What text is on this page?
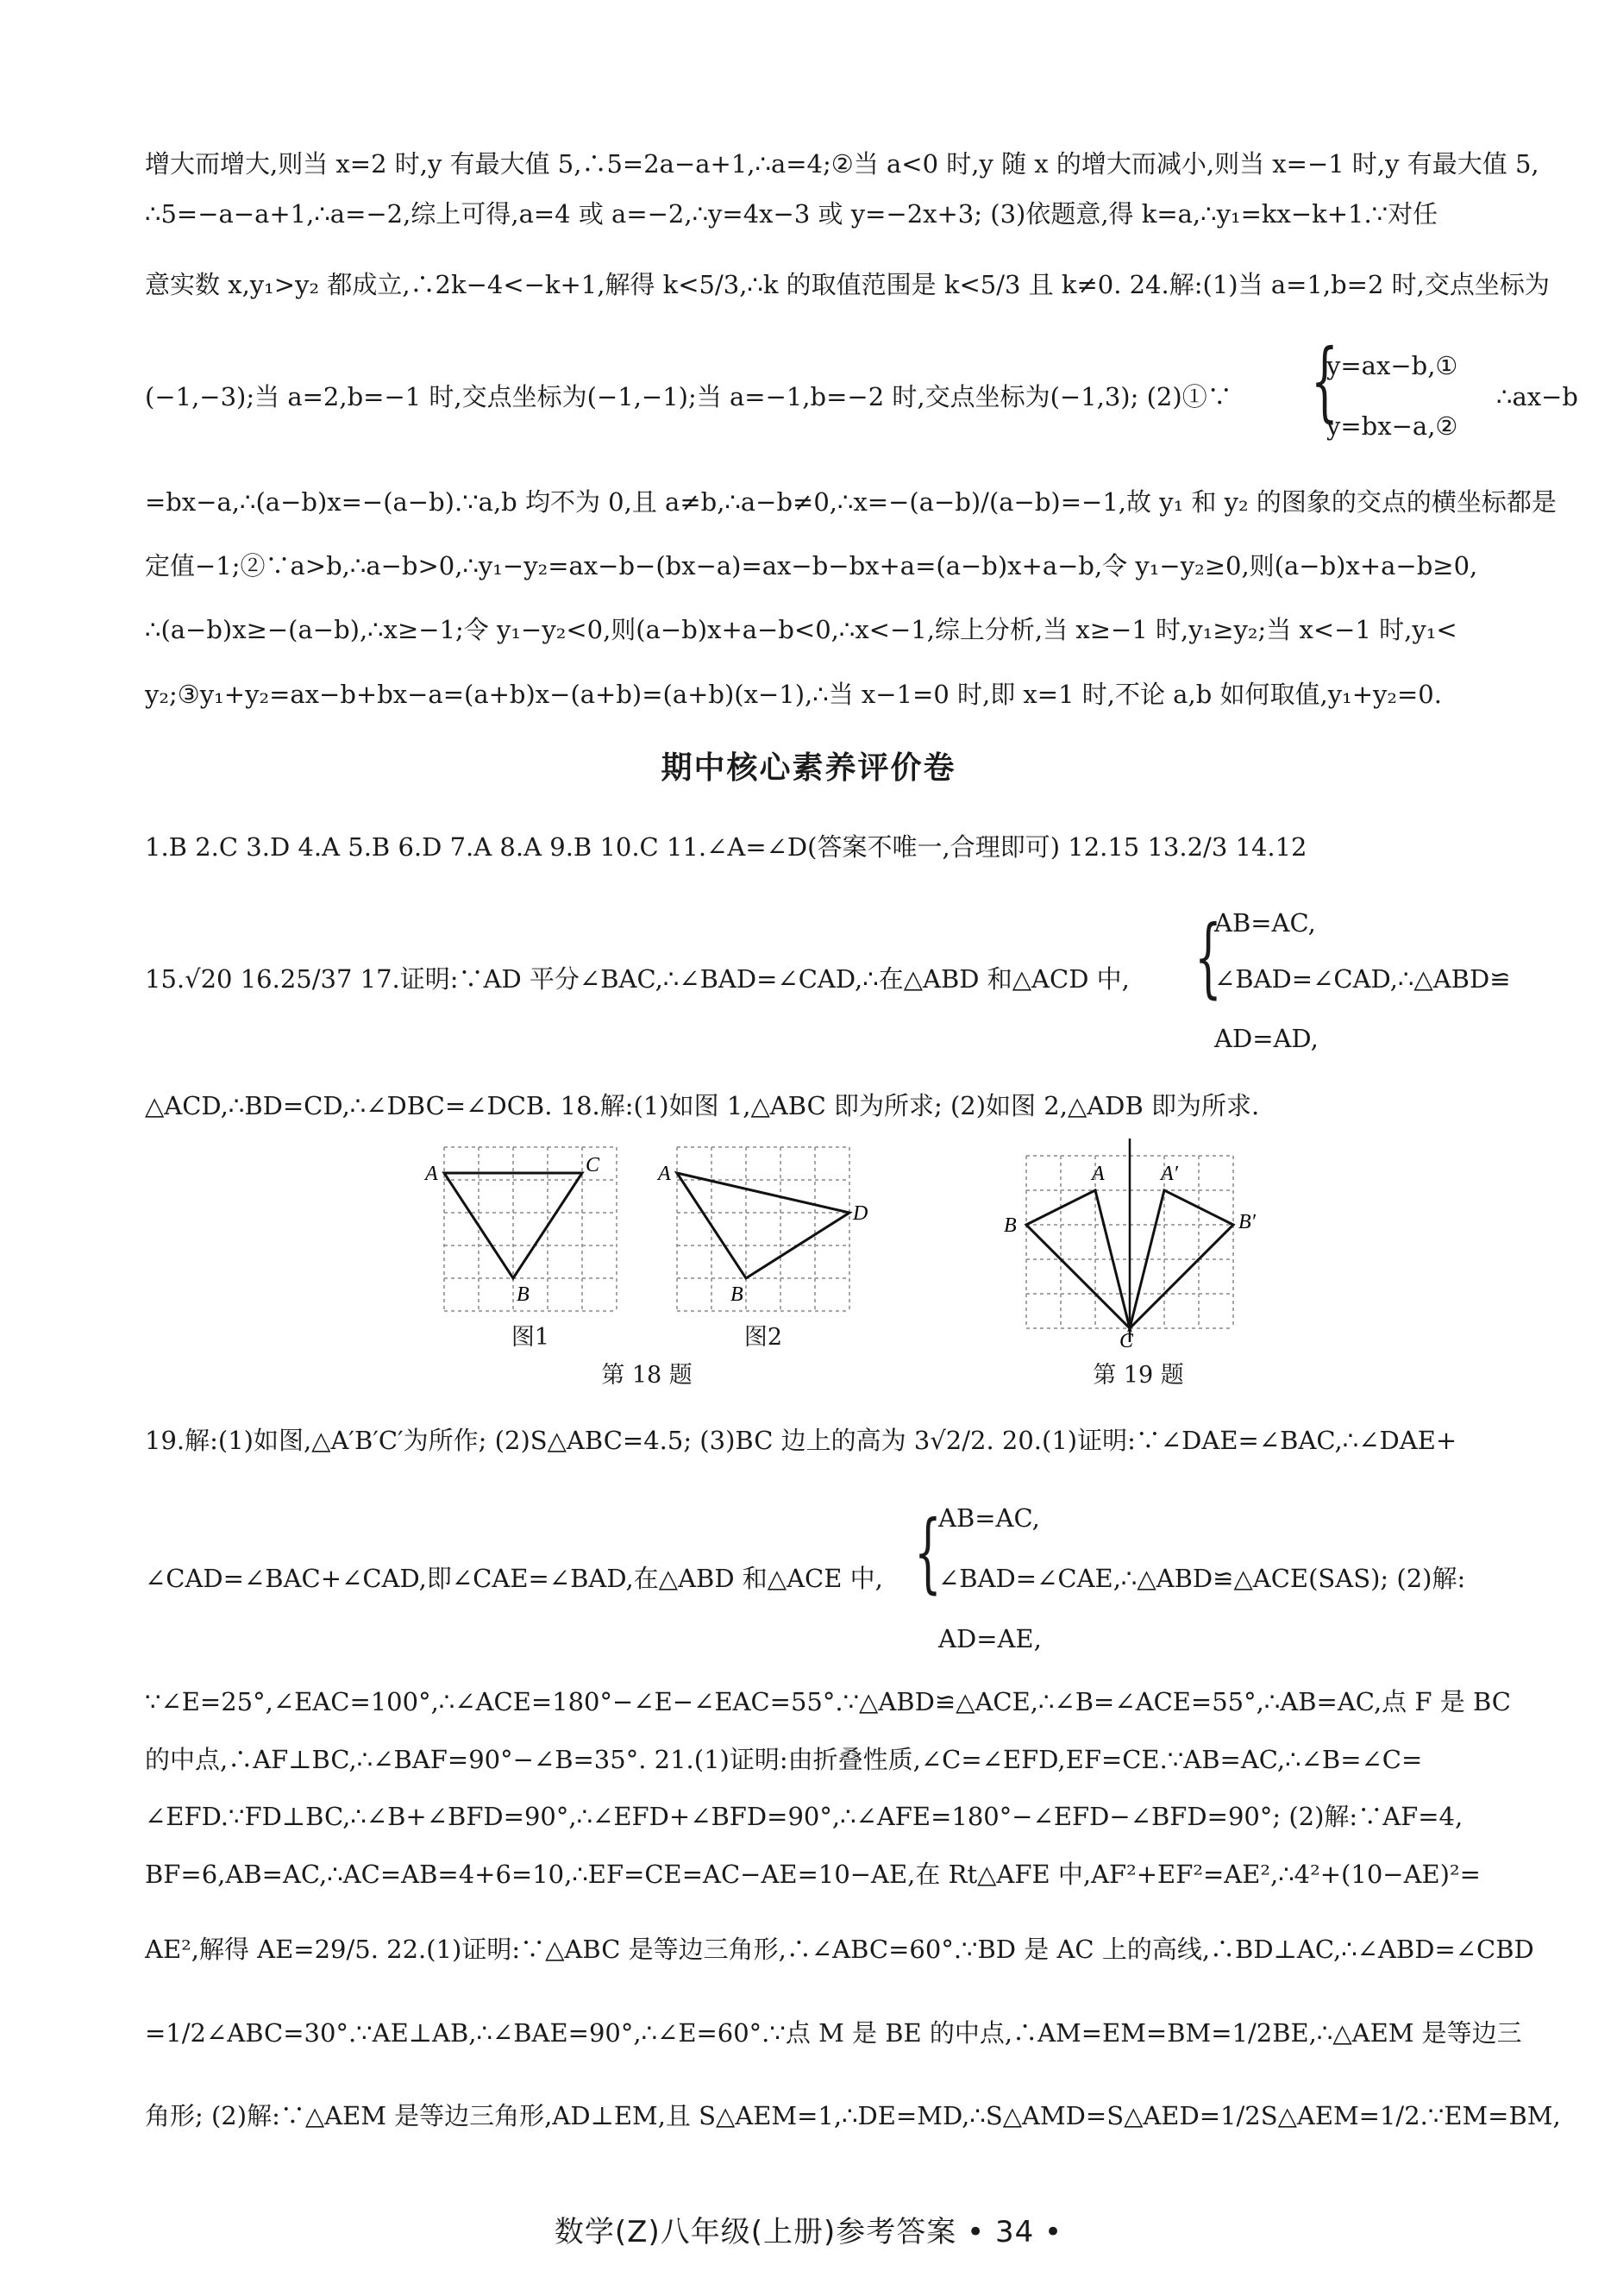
增大而增大,则当 x=2 时,y 有最大值 5,∴5=2a−a+1,∴a=4;②当 a<0 时,y 随 x 的增大而减小,则当 x=−1 时,y 有最大值 5,
∴5=−a−a+1,∴a=−2,综上可得,a=4 或 a=−2,∴y=4x−3 或 y=−2x+3; (3)依题意,得 k=a,∴y₁=kx−k+1.∵对任
意实数 x,y₁>y₂ 都成立,∴2k−4<−k+1,解得 k<5/3,∴k 的取值范围是 k<5/3 且 k≠0. 24.解:(1)当 a=1,b=2 时,交点坐标为
(−1,−3);当 a=2,b=−1 时,交点坐标为(−1,−1);当 a=−1,b=−2 时,交点坐标为(−1,3); (2)①∵ {
y=ax−b,①
y=bx−a,②
∴ax−b
=bx−a,∴(a−b)x=−(a−b).∵a,b 均不为 0,且 a≠b,∴a−b≠0,∴x=−(a−b)/(a−b)=−1,故 y₁ 和 y₂ 的图象的交点的横坐标都是
定值−1;②∵a>b,∴a−b>0,∴y₁−y₂=ax−b−(bx−a)=ax−b−bx+a=(a−b)x+a−b,令 y₁−y₂≥0,则(a−b)x+a−b≥0,
∴(a−b)x≥−(a−b),∴x≥−1;令 y₁−y₂<0,则(a−b)x+a−b<0,∴x<−1,综上分析,当 x≥−1 时,y₁≥y₂;当 x<−1 时,y₁<
y₂;③y₁+y₂=ax−b+bx−a=(a+b)x−(a+b)=(a+b)(x−1),∴当 x−1=0 时,即 x=1 时,不论 a,b 如何取值,y₁+y₂=0.
期中核心素养评价卷
1.B 2.C 3.D 4.A 5.B 6.D 7.A 8.A 9.B 10.C 11.∠A=∠D(答案不唯一,合理即可) 12.15 13.2/3 14.12
15.√20 16.25/37 17.证明:∵AD 平分∠BAC,∴∠BAD=∠CAD,∴在△ABD 和△ACD 中, {
AB=AC,
∠BAD=∠CAD,∴△ABD≌
AD=AD,
△ACD,∴BD=CD,∴∠DBC=∠DCB. 18.解:(1)如图 1,△ABC 即为所求; (2)如图 2,△ADB 即为所求.
A	C
B
图1
A
D
B
图2
第 18 题
B
A	A′
B′
C
第 19 题
19.解:(1)如图,△A′B′C′为所作; (2)S△ABC=4.5; (3)BC 边上的高为 3√2/2. 20.(1)证明:∵∠DAE=∠BAC,∴∠DAE+
∠CAD=∠BAC+∠CAD,即∠CAE=∠BAD,在△ABD 和△ACE 中, {
AB=AC,
∠BAD=∠CAE,∴△ABD≌△ACE(SAS); (2)解:
AD=AE,
∵∠E=25°,∠EAC=100°,∴∠ACE=180°−∠E−∠EAC=55°.∵△ABD≌△ACE,∴∠B=∠ACE=55°,∴AB=AC,点 F 是 BC
的中点,∴AF⊥BC,∴∠BAF=90°−∠B=35°. 21.(1)证明:由折叠性质,∠C=∠EFD,EF=CE.∵AB=AC,∴∠B=∠C=
∠EFD.∵FD⊥BC,∴∠B+∠BFD=90°,∴∠EFD+∠BFD=90°,∴∠AFE=180°−∠EFD−∠BFD=90°; (2)解:∵AF=4,
BF=6,AB=AC,∴AC=AB=4+6=10,∴EF=CE=AC−AE=10−AE,在 Rt△AFE 中,AF²+EF²=AE²,∴4²+(10−AE)²=
AE²,解得 AE=29/5. 22.(1)证明:∵△ABC 是等边三角形,∴∠ABC=60°.∵BD 是 AC 上的高线,∴BD⊥AC,∴∠ABD=∠CBD
=1/2∠ABC=30°.∵AE⊥AB,∴∠BAE=90°,∴∠E=60°.∵点 M 是 BE 的中点,∴AM=EM=BM=1/2BE,∴△AEM 是等边三
角形; (2)解:∵△AEM 是等边三角形,AD⊥EM,且 S△AEM=1,∴DE=MD,∴S△AMD=S△AED=1/2S△AEM=1/2.∵EM=BM,
数学(Z)八年级(上册)参考答案 • 34 •
